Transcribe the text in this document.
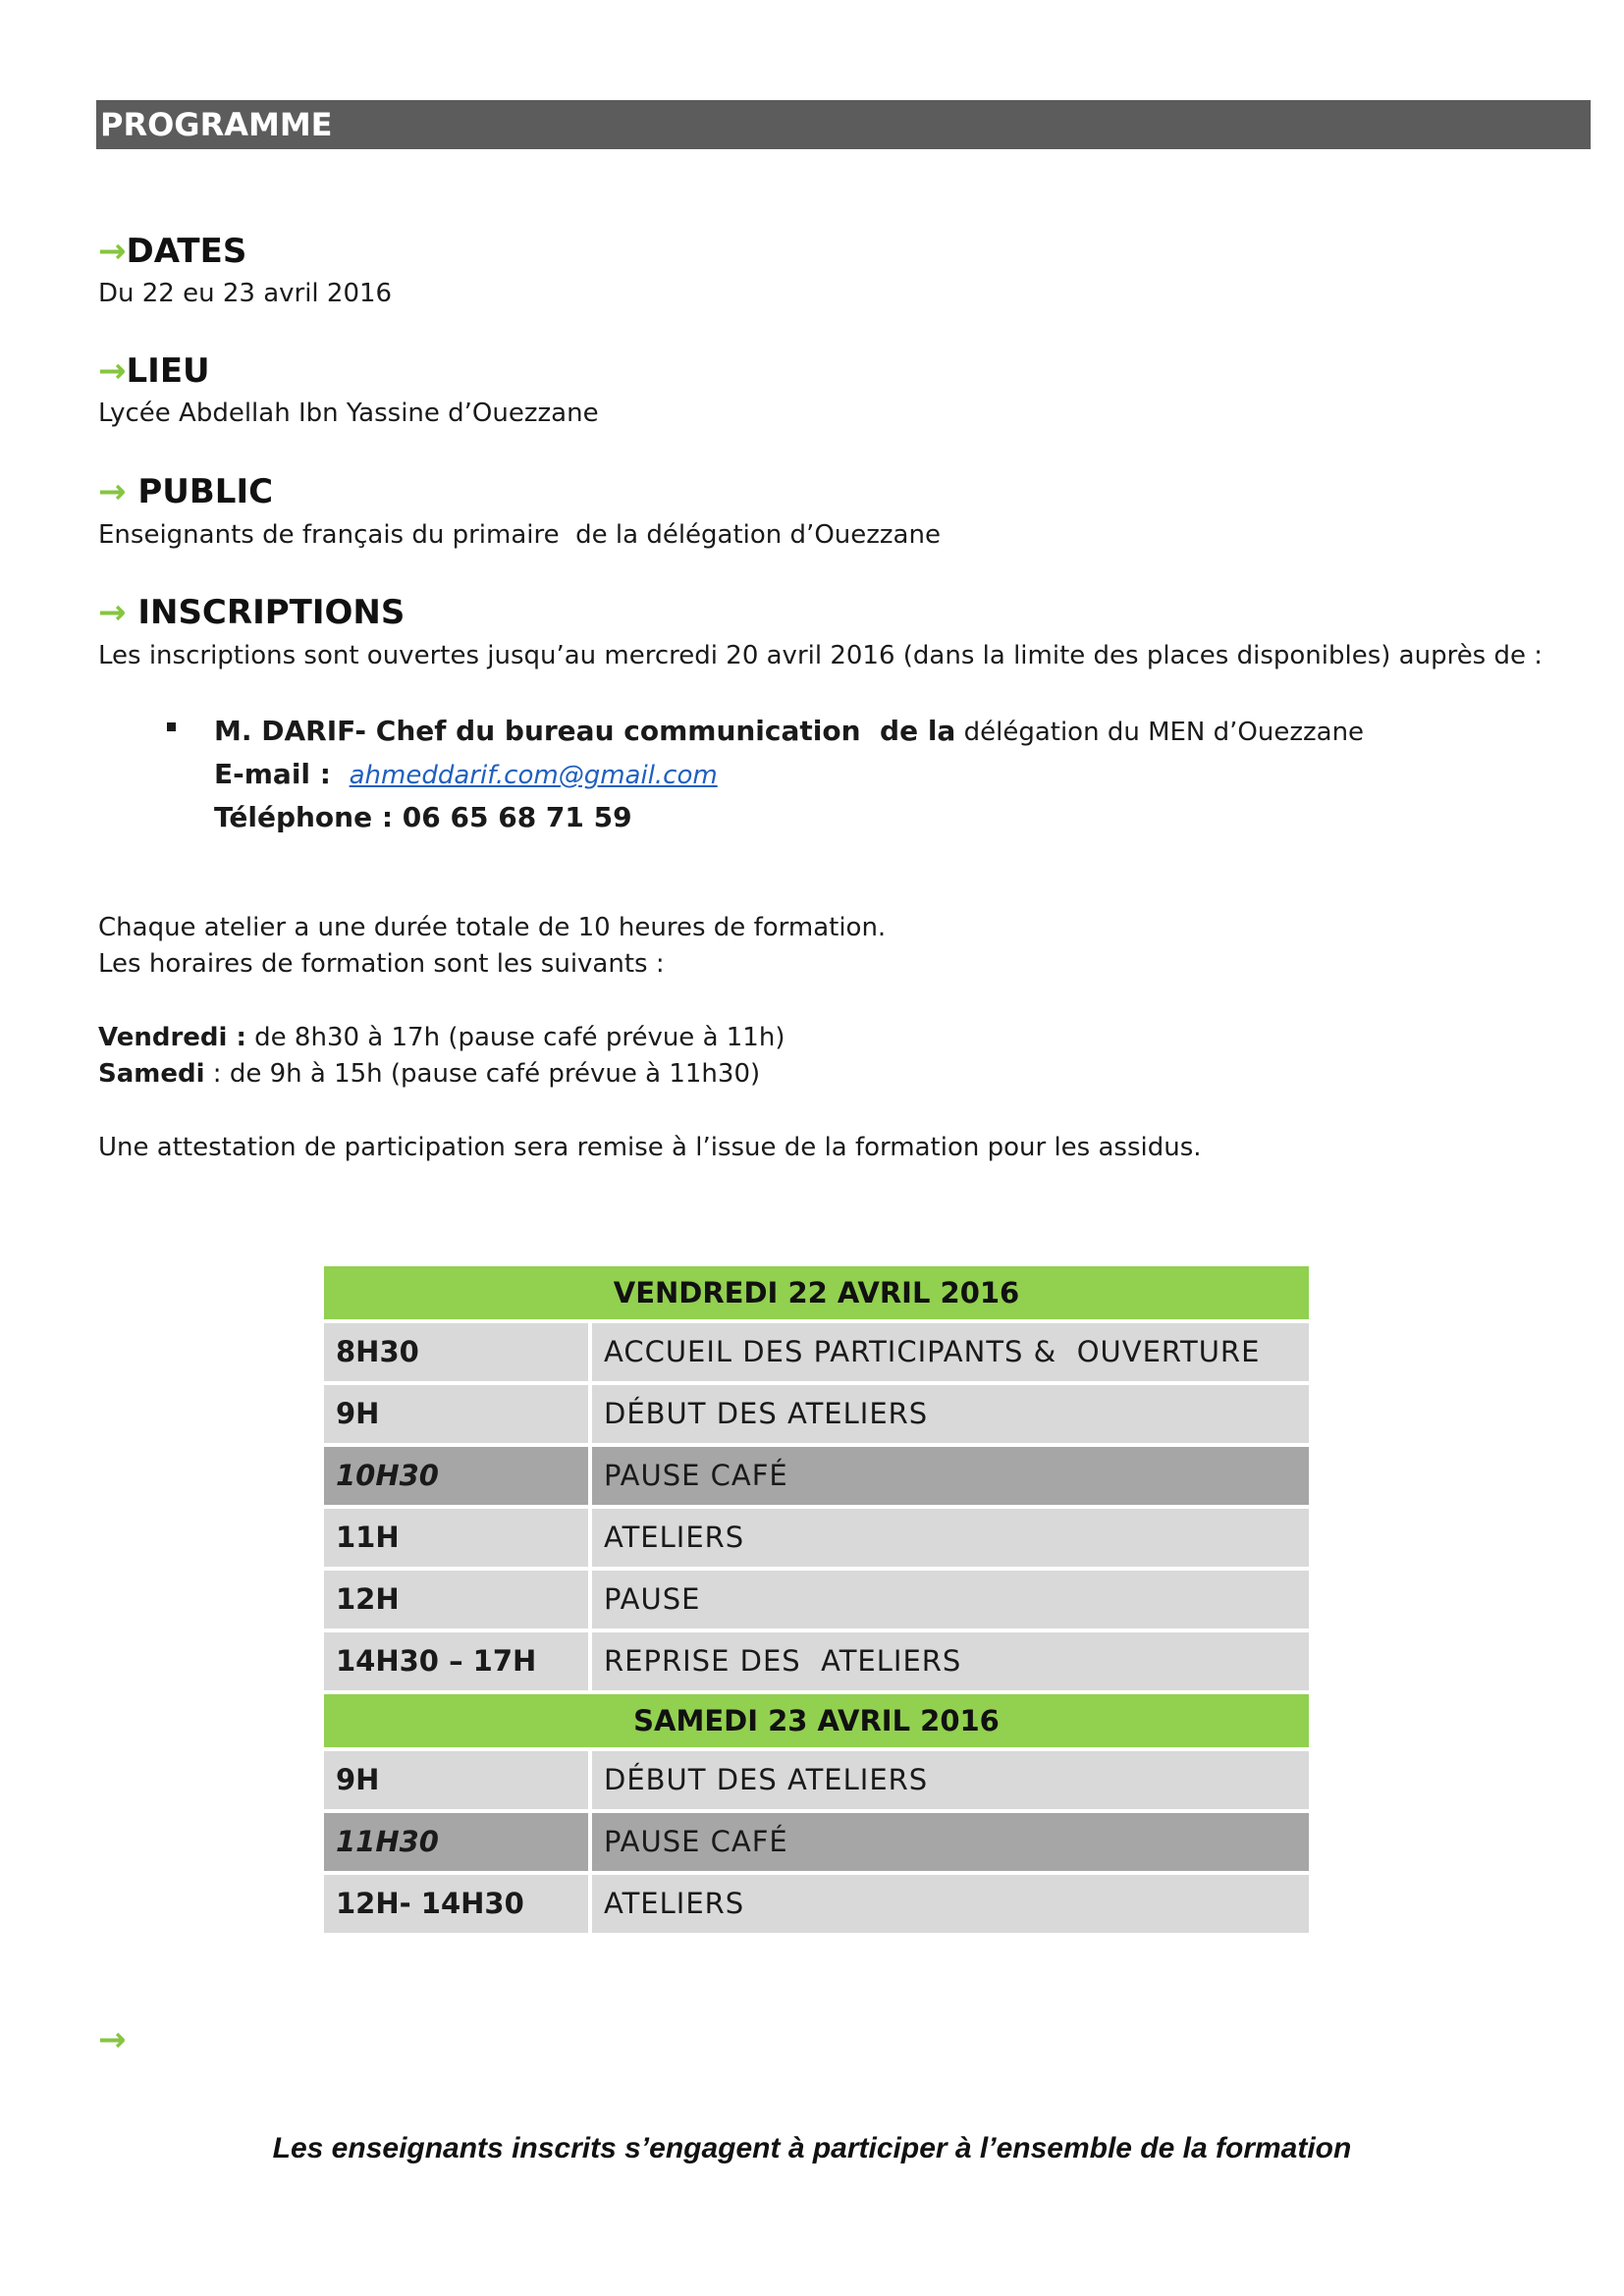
PROGRAMME
→DATES
Du 22 eu 23 avril 2016
→LIEU
Lycée Abdellah Ibn Yassine d’Ouezzane
→ PUBLIC
Enseignants de français du primaire  de la délégation d’Ouezzane
→ INSCRIPTIONS
Les inscriptions sont ouvertes jusqu’au mercredi 20 avril 2016 (dans la limite des places disponibles) auprès de :
M. DARIF- Chef du bureau communication  de la délégation du MEN d’Ouezzane
E-mail :  ahmeddarif.com@gmail.com
Téléphone : 06 65 68 71 59
Chaque atelier a une durée totale de 10 heures de formation.
Les horaires de formation sont les suivants :
Vendredi : de 8h30 à 17h (pause café prévue à 11h)
Samedi : de 9h à 15h (pause café prévue à 11h30)
Une attestation de participation sera remise à l’issue de la formation pour les assidus.
VENDREDI 22 AVRIL 2016
8H30	ACCUEIL DES PARTICIPANTS &  OUVERTURE
9H	DÉBUT DES ATELIERS
10H30	PAUSE CAFÉ
11H	ATELIERS
12H	PAUSE
14H30 – 17H	REPRISE DES  ATELIERS
SAMEDI 23 AVRIL 2016
9H	DÉBUT DES ATELIERS
11H30	PAUSE CAFÉ
12H- 14H30	ATELIERS
→
Les enseignants inscrits s’engagent à participer à l’ensemble de la formation
